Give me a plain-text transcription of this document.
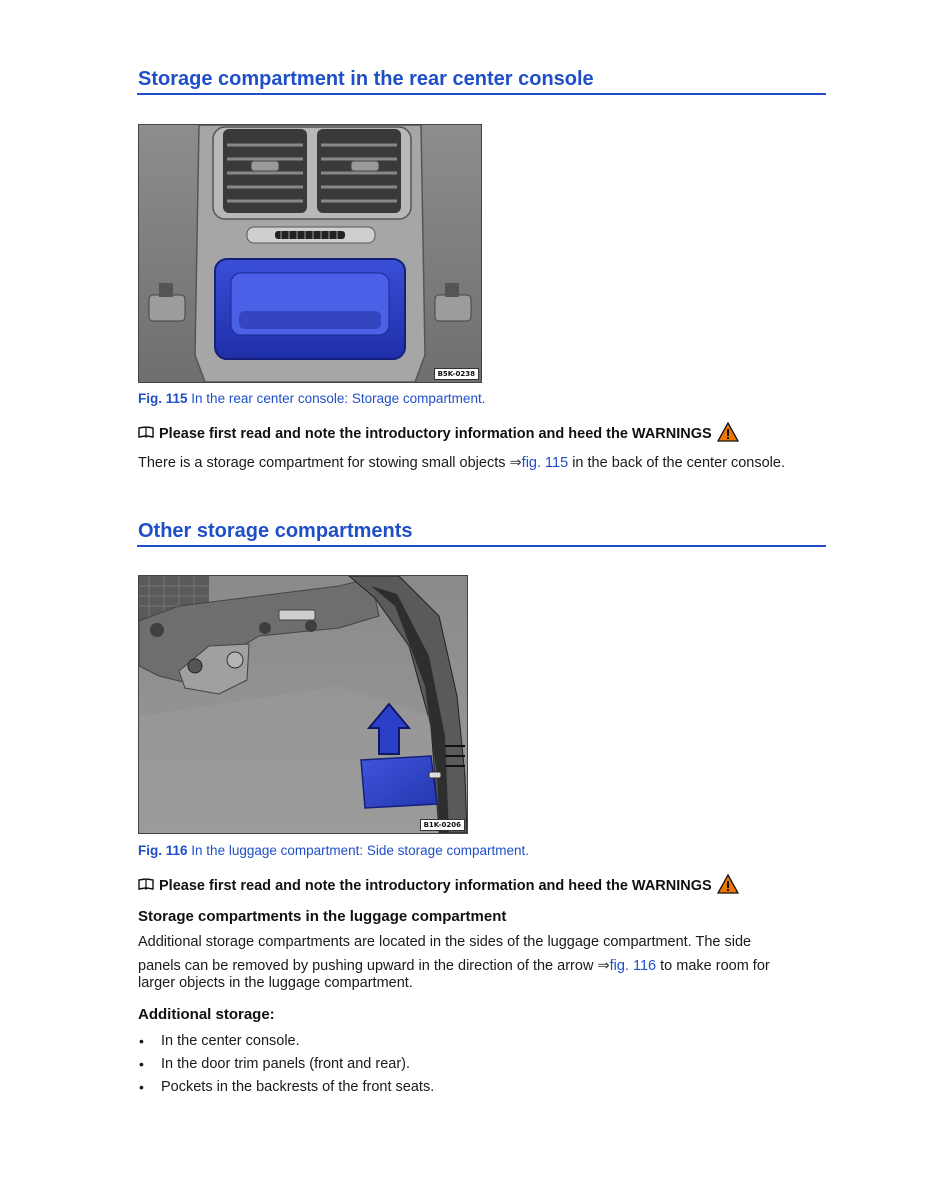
Storage compartment in the rear center console
B5K-0238
Fig. 115 In the rear center console: Storage compartment.
Please first read and note the introductory information and heed the WARNINGS
There is a storage compartment for stowing small objects ⇒fig. 115 in the back of the center console.
Other storage compartments
B1K-0206
Fig. 116 In the luggage compartment: Side storage compartment.
Please first read and note the introductory information and heed the WARNINGS
Storage compartments in the luggage compartment
Additional storage compartments are located in the sides of the luggage compartment. The side
panels can be removed by pushing upward in the direction of the arrow ⇒fig. 116 to make room for
larger objects in the luggage compartment.
Additional storage:
• In the center console.
• In the door trim panels (front and rear).
• Pockets in the backrests of the front seats.
